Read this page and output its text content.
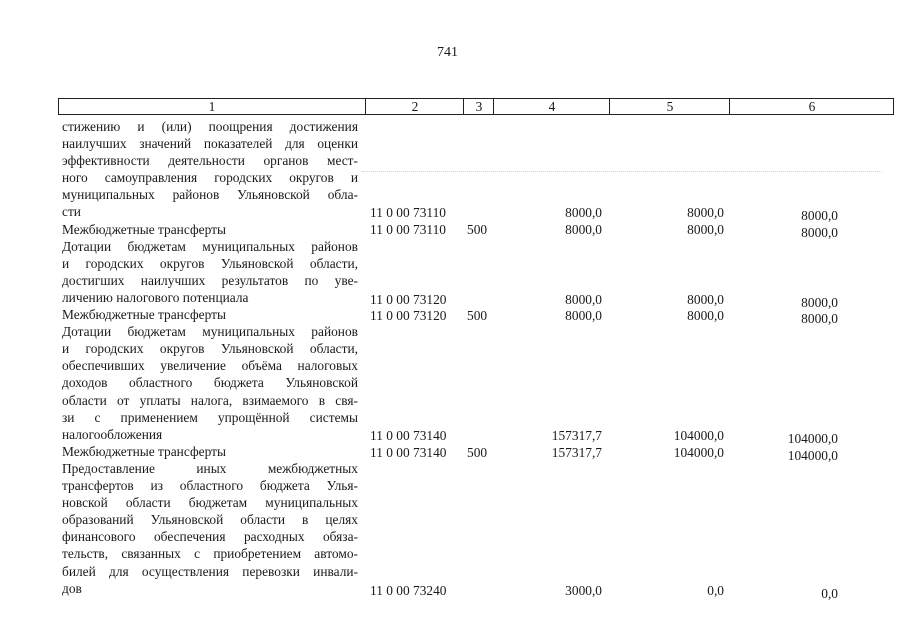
741
1	2	3	4	5	6
стижению и (или) поощрения достижения
наилучших значений показателей для оценки
эффективности деятельности органов мест-
ного самоуправления городских округов и
муниципальных районов Ульяновской обла-
сти	11 0 00 73110	8000,0	8000,0	8000,0
Межбюджетные трансферты	11 0 00 73110 500	8000,0	8000,0	8000,0
Дотации бюджетам муниципальных районов
и городских округов Ульяновской области,
достигших наилучших результатов по уве-
личению налогового потенциала	11 0 00 73120	8000,0	8000,0	8000,0
Межбюджетные трансферты	11 0 00 73120 500	8000,0	8000,0	8000,0
Дотации бюджетам муниципальных районов
и городских округов Ульяновской области,
обеспечивших увеличение объёма налоговых
доходов областного бюджета Ульяновской
области от уплаты налога, взимаемого в свя-
зи с применением упрощённой системы
налогообложения	11 0 00 73140	157317,7	104000,0	104000,0
Межбюджетные трансферты	11 0 00 73140 500	157317,7	104000,0	104000,0
Предоставление иных межбюджетных
трансфертов из областного бюджета Улья-
новской области бюджетам муниципальных
образований Ульяновской области в целях
финансового обеспечения расходных обяза-
тельств, связанных с приобретением автомо-
билей для осуществления перевозки инвали-
дов	11 0 00 73240	3000,0	0,0	0,0
